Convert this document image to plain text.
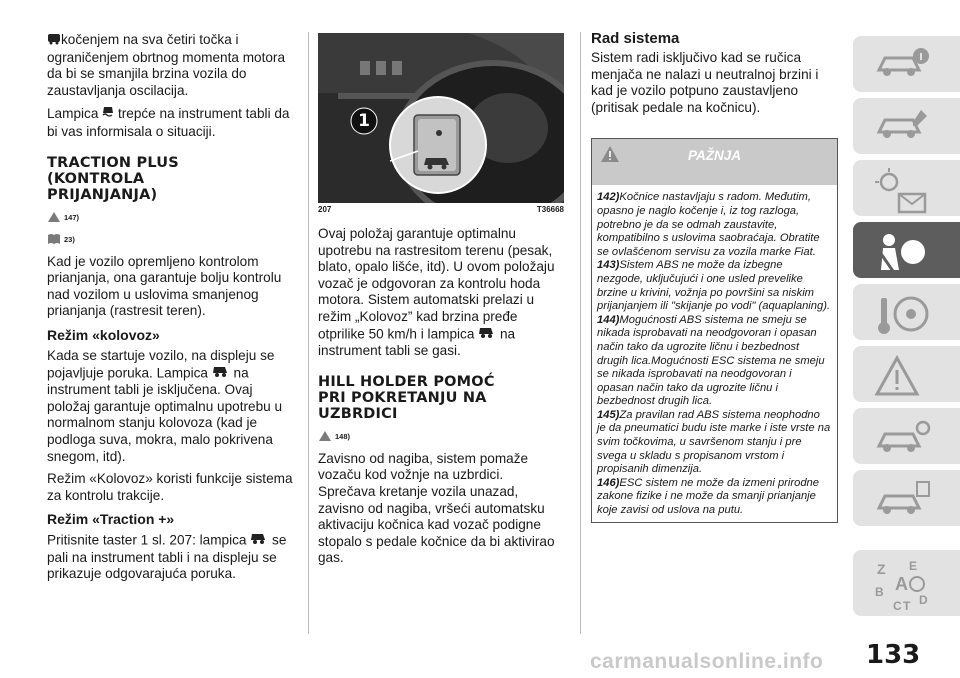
kočenjem na sva četiri točka i ograničenjem obrtnog momenta motora da bi se smanjila brzina vozila do zaustavljanja oscilacija.

Lampica trepće na instrument tabli da bi vas informisala o situaciji.

TRACTION PLUS

(KONTROLA

PRIJANJANJA)

147)
23)

Kad je vozilo opremljeno kontrolom prianjanja, ona garantuje bolju kontrolu nad vozilom u uslovima smanjenog prianjanja (rastresit teren).

Režim «kolovoz»

Kada se startuje vozilo, na displeju se pojavljuje poruka. Lampica na instrument tabli je isključena. Ovaj položaj garantuje optimalnu upotrebu u normalnom stanju kolovoza (kad je podloga suva, mokra, malo pokrivena snegom, itd).

Režim «Kolovoz» koristi funkcije sistema za kontrolu trakcije.

Režim «Traction +»

Pritisnite taster 1 sl. 207: lampica se pali na instrument tabli i na displeju se prikazuje odgovarajuća poruka.

1
207	T36668

Ovaj položaj garantuje optimalnu upotrebu na rastresitom terenu (pesak, blato, opalo lišće, itd). U ovom položaju vozač je odgovoran za kontrolu hoda motora. Sistem automatski prelazi u režim „Kolovoz” kad brzina pređe otprilike 50 km/h i lampica na instrument tabli se gasi.

HILL HOLDER POMOĆ

PRI POKRETANJU NA

UZBRDICI

148)

Zavisno od nagiba, sistem pomaže vozaču kod vožnje na uzbrdici. Sprečava kretanje vozila unazad, zavisno od nagiba, vršeći automatsku aktivaciju kočnica kad vozač podigne stopalo s pedale kočnice da bi aktivirao gas.

Rad sistema

Sistem radi isključivo kad se ručica menjača ne nalazi u neutralnoj brzini i kad je vozilo potpuno zaustavljeno (pritisak pedale na kočnicu).

PAŽNJA
142)Kočnice nastavljaju s radom. Međutim, opasno je naglo kočenje i, iz tog razloga, potrebno je da se odmah zaustavite, kompatibilno s uslovima saobraćaja. Obratite se ovlašćenom servisu za vozila marke Fiat.
143)Sistem ABS ne može da izbegne nezgode, uključujući i one usled prevelike brzine u krivini, vožnja po površini sa niskim prijanjanjem ili "skijanje po vodi" (aquaplaning).
144)Mogućnosti ABS sistema ne smeju se nikada isprobavati na neodgovoran i opasan način tako da ugrozite ličnu i bezbednost drugih lica.Mogućnosti ESC sistema ne smeju se nikada isprobavati na neodgovoran i opasan način tako da ugrozite ličnu i bezbednost drugih lica.
145)Za pravilan rad ABS sistema neophodno je da pneumatici budu iste marke i iste vrste na svim točkovima, u savršenom stanju i pre svega u skladu s propisanom vrstom i propisanih dimenzija.
146)ESC sistem ne može da izmeni prirodne zakone fizike i ne može da smanji prianjanje koje zavisi od uslova na putu.
Z E
B A
C T D
carmanualsonline.info 133
